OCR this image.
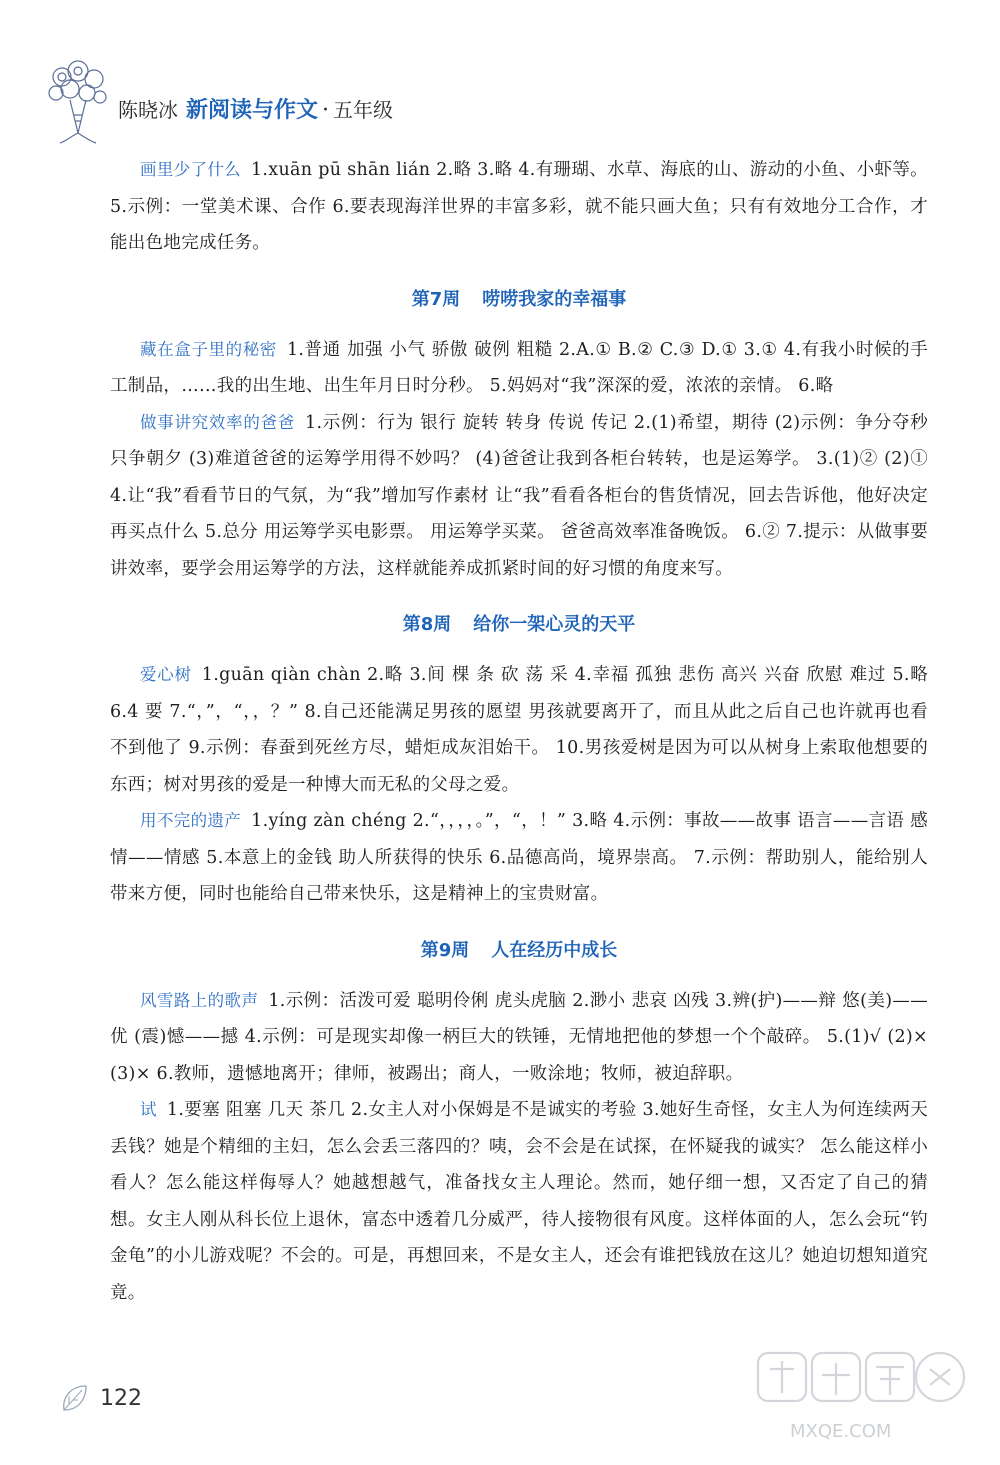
陈晓冰 新阅读与作文 · 五年级

画里少了什么 1.xuān pū shān lián 2.略 3.略 4.有珊瑚、水草、海底的山、游动的小鱼、小虾等。 5.示例：一堂美术课、合作 6.要表现海洋世界的丰富多彩，就不能只画大鱼；只有有效地分工合作，才能出色地完成任务。

第7周 唠唠我家的幸福事

藏在盒子里的秘密 1.普通 加强 小气 骄傲 破例 粗糙 2.A.① B.② C.③ D.① 3.① 4.有我小时候的手工制品，……我的出生地、出生年月日时分秒。 5.妈妈对“我”深深的爱，浓浓的亲情。 6.略

做事讲究效率的爸爸 1.示例：行为 银行 旋转 转身 传说 传记 2.(1)希望，期待 (2)示例：争分夺秒 只争朝夕 (3)难道爸爸的运筹学用得不妙吗？ (4)爸爸让我到各柜台转转，也是运筹学。 3.(1)② (2)① 4.让“我”看看节日的气氛，为“我”增加写作素材 让“我”看看各柜台的售货情况，回去告诉他，他好决定再买点什么 5.总分 用运筹学买电影票。 用运筹学买菜。 爸爸高效率准备晚饭。 6.② 7.提示：从做事要讲效率，要学会用运筹学的方法，这样就能养成抓紧时间的好习惯的角度来写。

第8周 给你一架心灵的天平

爱心树 1.guān qiàn chàn 2.略 3.间 棵 条 砍 荡 采 4.幸福 孤独 悲伤 高兴 兴奋 欣慰 难过 5.略 6.4 要 7.“，”，“，，？” 8.自己还能满足男孩的愿望 男孩就要离开了，而且从此之后自己也许就再也看不到他了 9.示例：春蚕到死丝方尽，蜡炬成灰泪始干。 10.男孩爱树是因为可以从树身上索取他想要的东西；树对男孩的爱是一种博大而无私的父母之爱。

用不完的遗产 1.yíng zàn chéng 2.“，，，，。”，“，！” 3.略 4.示例：事故——故事 语言——言语 感情——情感 5.本意上的金钱 助人所获得的快乐 6.品德高尚，境界崇高。 7.示例：帮助别人，能给别人带来方便，同时也能给自己带来快乐，这是精神上的宝贵财富。

第9周 人在经历中成长

风雪路上的歌声 1.示例：活泼可爱 聪明伶俐 虎头虎脑 2.渺小 悲哀 凶残 3.辨(护)——辩 悠(美)——优 (震)憾——撼 4.示例：可是现实却像一柄巨大的铁锤，无情地把他的梦想一个个敲碎。 5.(1)√ (2)× (3)× 6.教师，遗憾地离开；律师，被踢出；商人，一败涂地；牧师，被迫辞职。

试 1.要塞 阻塞 几天 茶几 2.女主人对小保姆是不是诚实的考验 3.她好生奇怪，女主人为何连续两天丢钱？她是个精细的主妇，怎么会丢三落四的？咦，会不会是在试探，在怀疑我的诚实？ 怎么能这样小看人？怎么能这样侮辱人？她越想越气，准备找女主人理论。然而，她仔细一想，又否定了自己的猜想。女主人刚从科长位上退休，富态中透着几分威严，待人接物很有风度。这样体面的人，怎么会玩“钓金龟”的小儿游戏呢？不会的。可是，再想回来，不是女主人，还会有谁把钱放在这儿？她迫切想知道究竟。

122
MXQE.COM
